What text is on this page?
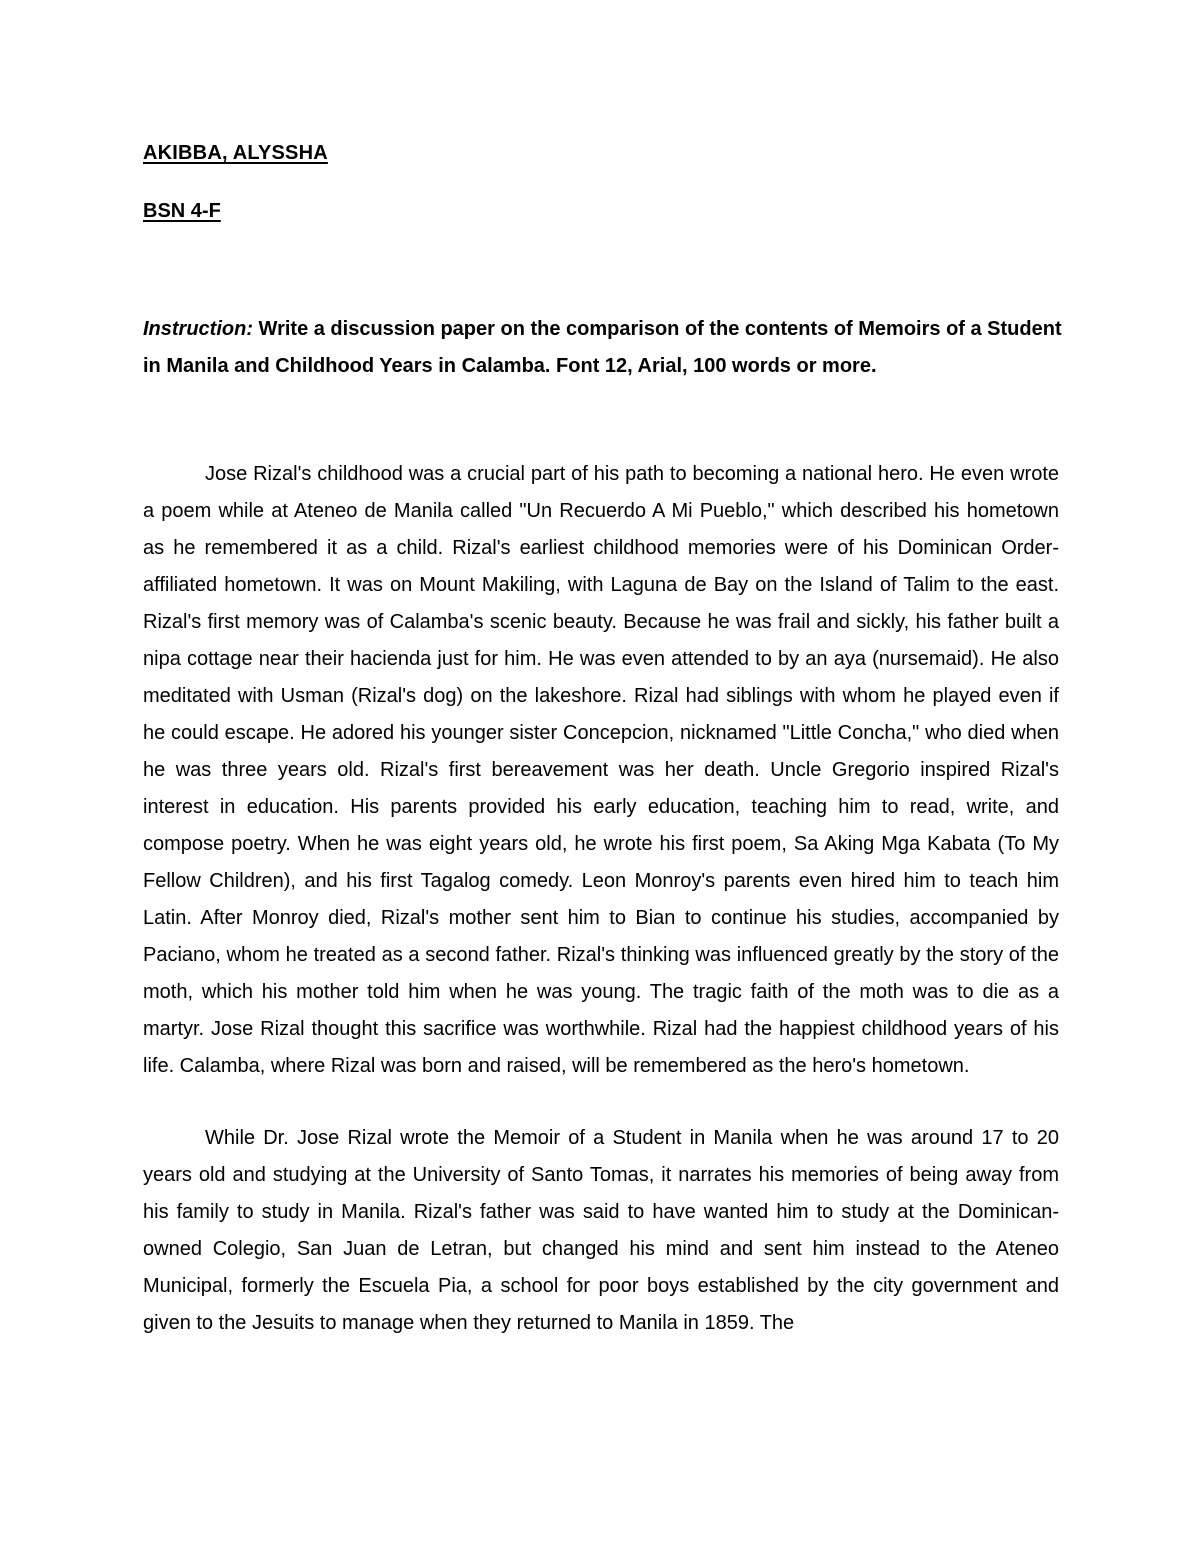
AKIBBA, ALYSSHA

BSN 4-F

Instruction: Write a discussion paper on the comparison of the contents of Memoirs of a Student in Manila and Childhood Years in Calamba. Font 12, Arial, 100 words or more.

Jose Rizal's childhood was a crucial part of his path to becoming a national hero. He even wrote a poem while at Ateneo de Manila called "Un Recuerdo A Mi Pueblo," which described his hometown as he remembered it as a child. Rizal's earliest childhood memories were of his Dominican Order-affiliated hometown. It was on Mount Makiling, with Laguna de Bay on the Island of Talim to the east. Rizal's first memory was of Calamba's scenic beauty. Because he was frail and sickly, his father built a nipa cottage near their hacienda just for him. He was even attended to by an aya (nursemaid). He also meditated with Usman (Rizal's dog) on the lakeshore. Rizal had siblings with whom he played even if he could escape. He adored his younger sister Concepcion, nicknamed "Little Concha," who died when he was three years old. Rizal's first bereavement was her death. Uncle Gregorio inspired Rizal's interest in education. His parents provided his early education, teaching him to read, write, and compose poetry. When he was eight years old, he wrote his first poem, Sa Aking Mga Kabata (To My Fellow Children), and his first Tagalog comedy. Leon Monroy's parents even hired him to teach him Latin. After Monroy died, Rizal's mother sent him to Bian to continue his studies, accompanied by Paciano, whom he treated as a second father. Rizal's thinking was influenced greatly by the story of the moth, which his mother told him when he was young. The tragic faith of the moth was to die as a martyr. Jose Rizal thought this sacrifice was worthwhile. Rizal had the happiest childhood years of his life. Calamba, where Rizal was born and raised, will be remembered as the hero's hometown.

While Dr. Jose Rizal wrote the Memoir of a Student in Manila when he was around 17 to 20 years old and studying at the University of Santo Tomas, it narrates his memories of being away from his family to study in Manila. Rizal's father was said to have wanted him to study at the Dominican-owned Colegio, San Juan de Letran, but changed his mind and sent him instead to the Ateneo Municipal, formerly the Escuela Pia, a school for poor boys established by the city government and given to the Jesuits to manage when they returned to Manila in 1859. The
